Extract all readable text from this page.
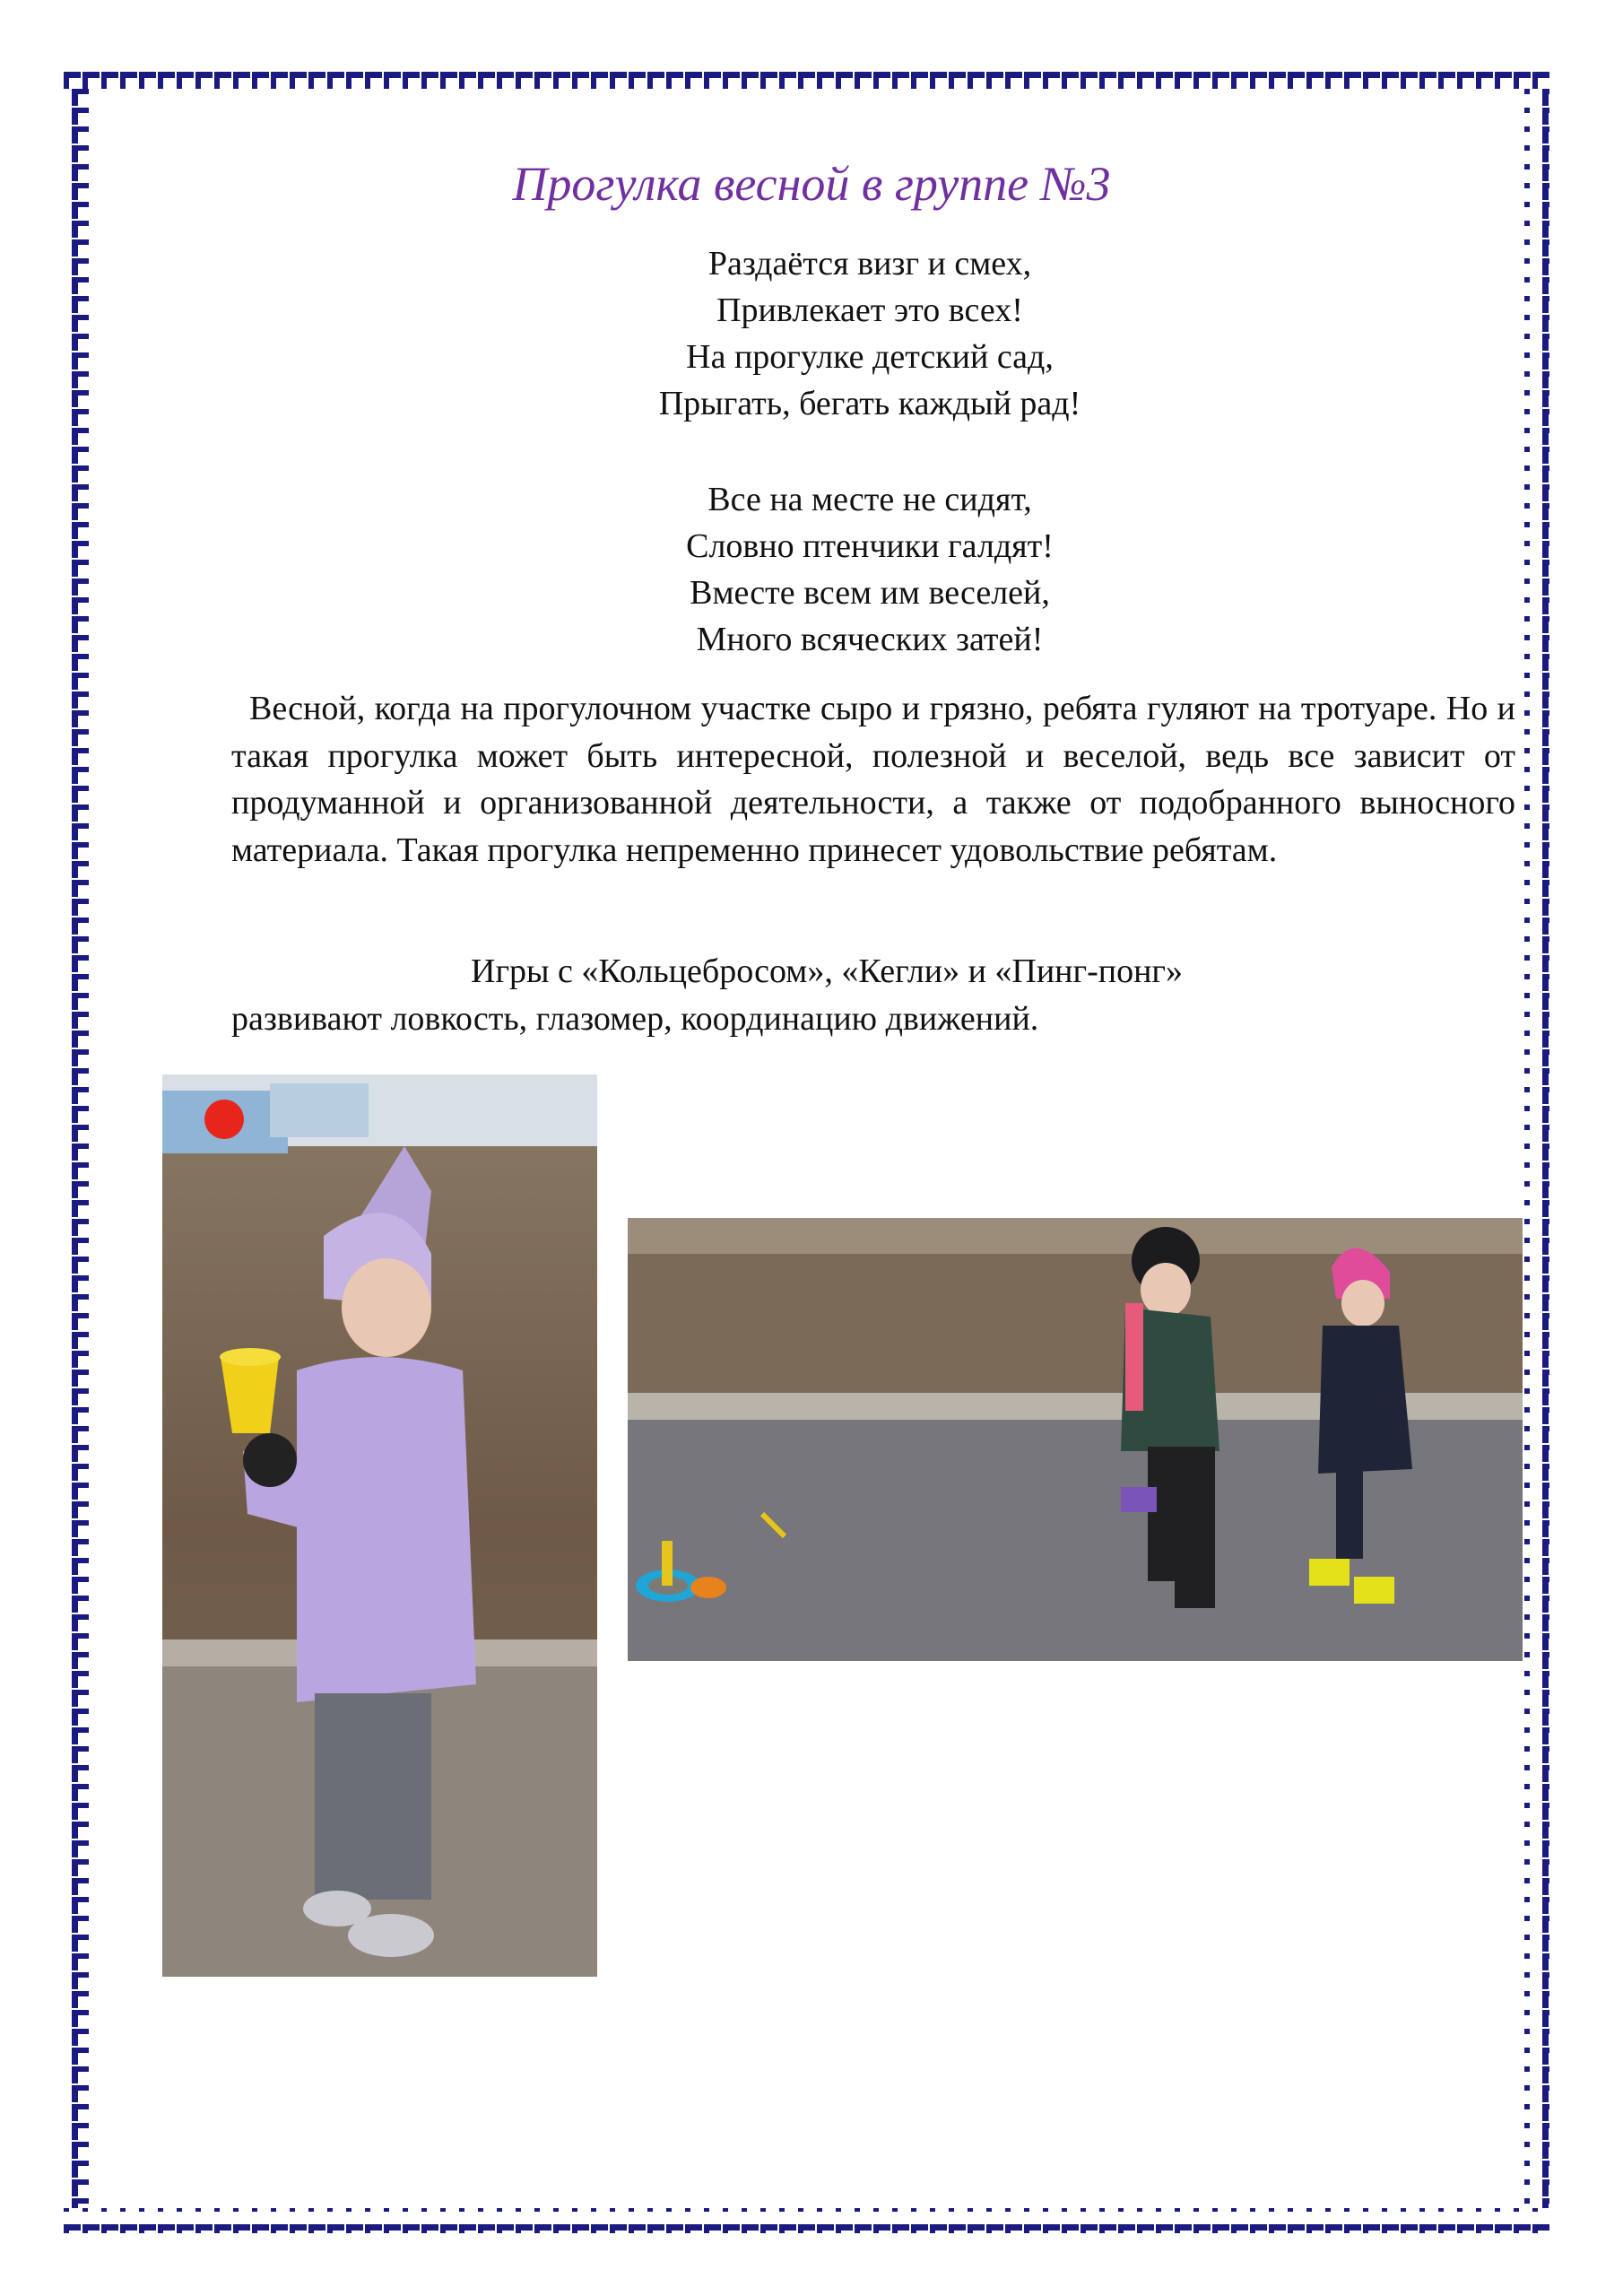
Прогулка весной в группе №3
Раздаётся визг и смех,
Привлекает это всех!
На прогулке детский сад,
Прыгать, бегать каждый рад!
Все на месте не сидят,
Словно птенчики галдят!
Вместе всем им веселей,
Много всяческих затей!

Весной, когда на прогулочном участке сыро и грязно, ребята гуляют на тротуаре. Но и такая прогулка может быть интересной, полезной и веселой, ведь все зависит от продуманной и организованной деятельности, а также от подобранного выносного материала. Такая прогулка непременно принесет удовольствие ребятам.

Игры с «Кольцебросом», «Кегли» и «Пинг-понг»
развивают ловкость, глазомер, координацию движений.
